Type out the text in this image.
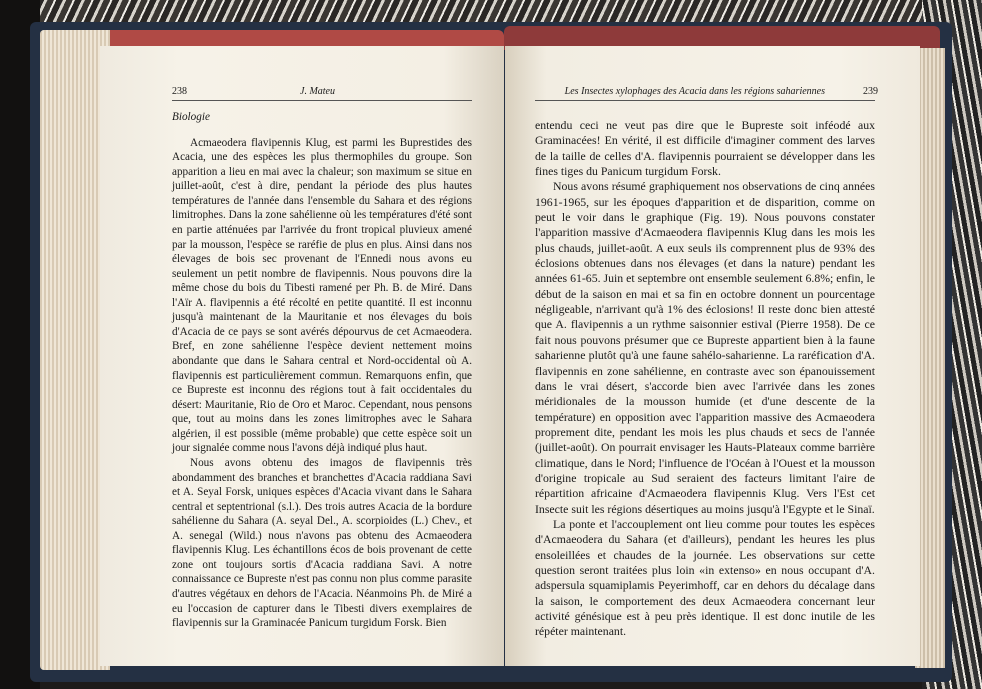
238	J. Mateu

Biologie

Acmaeodera flavipennis Klug, est parmi les Buprestides des Acacia, une des espèces les plus thermophiles du groupe. Son apparition a lieu en mai avec la chaleur; son maximum se situe en juillet-août, c'est à dire, pendant la période des plus hautes températures de l'année dans l'ensemble du Sahara et des régions limitrophes. Dans la zone sahélienne où les températures d'été sont en partie atténuées par l'arrivée du front tropical pluvieux amené par la mousson, l'espèce se raréfie de plus en plus. Ainsi dans nos élevages de bois sec provenant de l'Ennedi nous avons eu seulement un petit nombre de flavipennis. Nous pouvons dire la même chose du bois du Tibesti ramené per Ph. B. de Miré. Dans l'Aïr A. flavipennis a été récolté en petite quantité. Il est inconnu jusqu'à maintenant de la Mauritanie et nos élevages du bois d'Acacia de ce pays se sont avérés dépourvus de cet Acmaeodera. Bref, en zone sahélienne l'espèce devient nettement moins abondante que dans le Sahara central et Nord-occidental où A. flavipennis est particulièrement commun. Remarquons enfin, que ce Bupreste est inconnu des régions tout à fait occidentales du désert: Mauritanie, Rio de Oro et Maroc. Cependant, nous pensons que, tout au moins dans les zones limitrophes avec le Sahara algérien, il est possible (même probable) que cette espèce soit un jour signalée comme nous l'avons déjà indiqué plus haut.

Nous avons obtenu des imagos de flavipennis très abondamment des branches et branchettes d'Acacia raddiana Savi et A. Seyal Forsk, uniques espèces d'Acacia vivant dans le Sahara central et septentrional (s.l.). Des trois autres Acacia de la bordure sahélienne du Sahara (A. seyal Del., A. scorpioides (L.) Chev., et A. senegal (Wild.) nous n'avons pas obtenu des Acmaeodera flavipennis Klug. Les échantillons écos de bois provenant de cette zone ont toujours sortis d'Acacia raddiana Savi. A notre connaissance ce Bupreste n'est pas connu non plus comme parasite d'autres végétaux en dehors de l'Acacia. Néanmoins Ph. de Miré a eu l'occasion de capturer dans le Tibesti divers exemplaires de flavipennis sur la Graminacée Panicum turgidum Forsk. Bien

Les Insectes xylophages des Acacia dans les régions sahariennes	239

entendu ceci ne veut pas dire que le Bupreste soit inféodé aux Graminacées! En vérité, il est difficile d'imaginer comment des larves de la taille de celles d'A. flavipennis pourraient se développer dans les fines tiges du Panicum turgidum Forsk.

Nous avons résumé graphiquement nos observations de cinq années 1961-1965, sur les époques d'apparition et de disparition, comme on peut le voir dans le graphique (Fig. 19). Nous pouvons constater l'apparition massive d'Acmaeodera flavipennis Klug dans les mois les plus chauds, juillet-août. A eux seuls ils comprennent plus de 93% des éclosions obtenues dans nos élevages (et dans la nature) pendant les années 61-65. Juin et septembre ont ensemble seulement 6.8%; enfin, le début de la saison en mai et sa fin en octobre donnent un pourcentage négligeable, n'arrivant qu'à 1% des éclosions! Il reste donc bien attesté que A. flavipennis a un rythme saisonnier estival (Pierre 1958). De ce fait nous pouvons présumer que ce Bupreste appartient bien à la faune saharienne plutôt qu'à une faune sahélo-saharienne. La raréfication d'A. flavipennis en zone sahélienne, en contraste avec son épanouissement dans le vrai désert, s'accorde bien avec l'arrivée dans les zones méridionales de la mousson humide (et d'une descente de la température) en opposition avec l'apparition massive des Acmaeodera proprement dite, pendant les mois les plus chauds et secs de l'année (juillet-août). On pourrait envisager les Hauts-Plateaux comme barrière climatique, dans le Nord; l'influence de l'Océan à l'Ouest et la mousson d'origine tropicale au Sud seraient des facteurs limitant l'aire de répartition africaine d'Acmaeodera flavipennis Klug. Vers l'Est cet Insecte suit les régions désertiques au moins jusqu'à l'Egypte et le Sinaï.

La ponte et l'accouplement ont lieu comme pour toutes les espèces d'Acmaeodera du Sahara (et d'ailleurs), pendant les heures les plus ensoleillées et chaudes de la journée. Les observations sur cette question seront traitées plus loin «in extenso» en nous occupant d'A. adspersula squamiplamis Peyerimhoff, car en dehors du décalage dans la saison, le comportement des deux Acmaeodera concernant leur activité génésique est à peu près identique. Il est donc inutile de les répéter maintenant.
